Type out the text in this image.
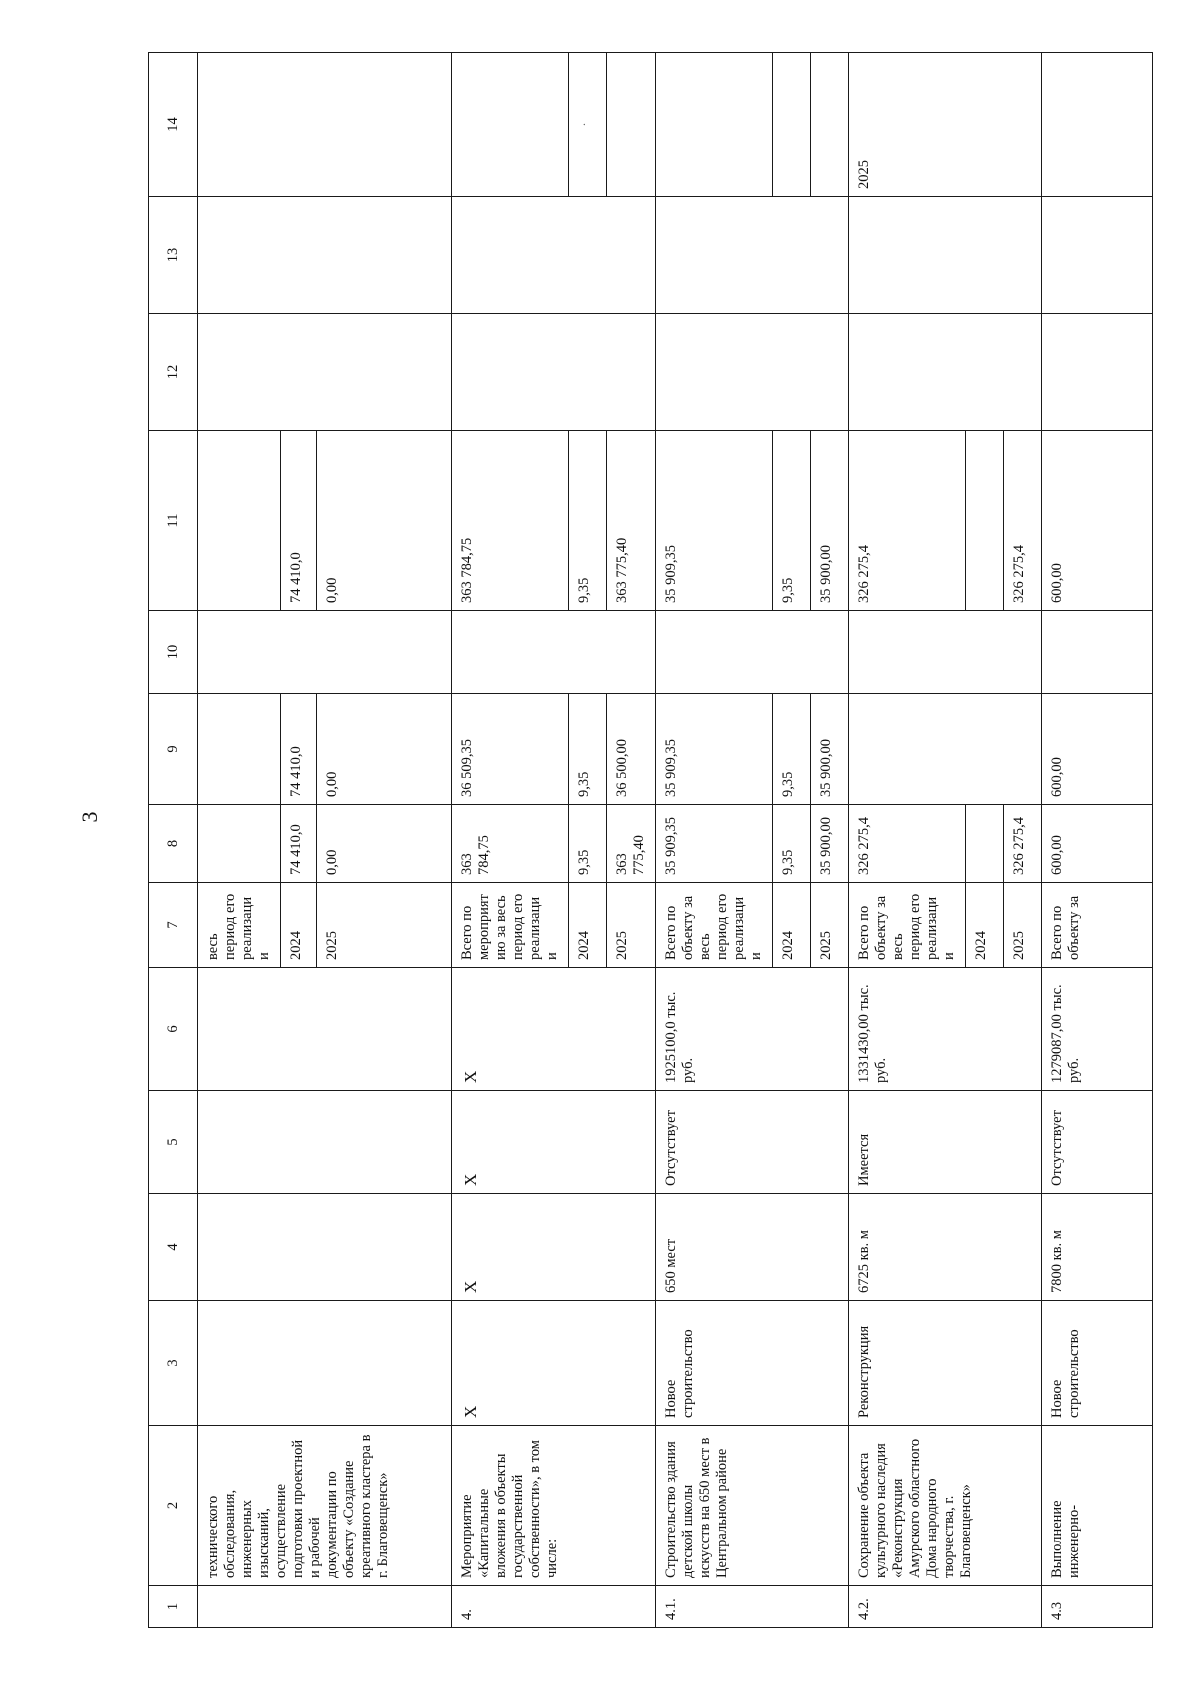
3
1	2	3	4	5	6	7	8	9	10	11	12	13	14
	технического обследования, инженерных изысканий, осуществление подготовки проектной и рабочей документации по объекту «Создание креативного кластера в г. Благовещенск»					весь период его реализации							
						2024	74 410,0	74 410,0		74 410,0			
						2025	0,00	0,00		0,00			
4.	Мероприятие «Капитальные вложения в объекты государственной собственности», в том числе:	Х	Х	Х	Х	Всего по мероприятию за весь период его реализации	363 784,75	36 509,35		363 784,75			
						2024	9,35	9,35		9,35			·
						2025	363 775,40	36 500,00		363 775,40			
4.1.	Строительство здания детской школы искусств на 650 мест в Центральном районе	Новое строительство	650 мест	Отсутствует	1925100,0 тыс. руб.	Всего по объекту за весь период его реализации	35 909,35	35 909,35		35 909,35			
						2024	9,35	9,35		9,35			
						2025	35 900,00	35 900,00		35 900,00			
4.2.	Сохранение объекта культурного наследия «Реконструкция Амурского областного Дома народного творчества, г. Благовещенск»	Реконструкция	6725 кв. м	Имеется	1331430,00 тыс. руб.	Всего по объекту за весь период его реализации	326 275,4			326 275,4			2025
						2024							
						2025	326 275,4			326 275,4			
4.3	Выполнение инженерно-	Новое строительство	7800 кв. м	Отсутствует	1279087,00 тыс. руб.	Всего по объекту за	600,00	600,00		600,00			
